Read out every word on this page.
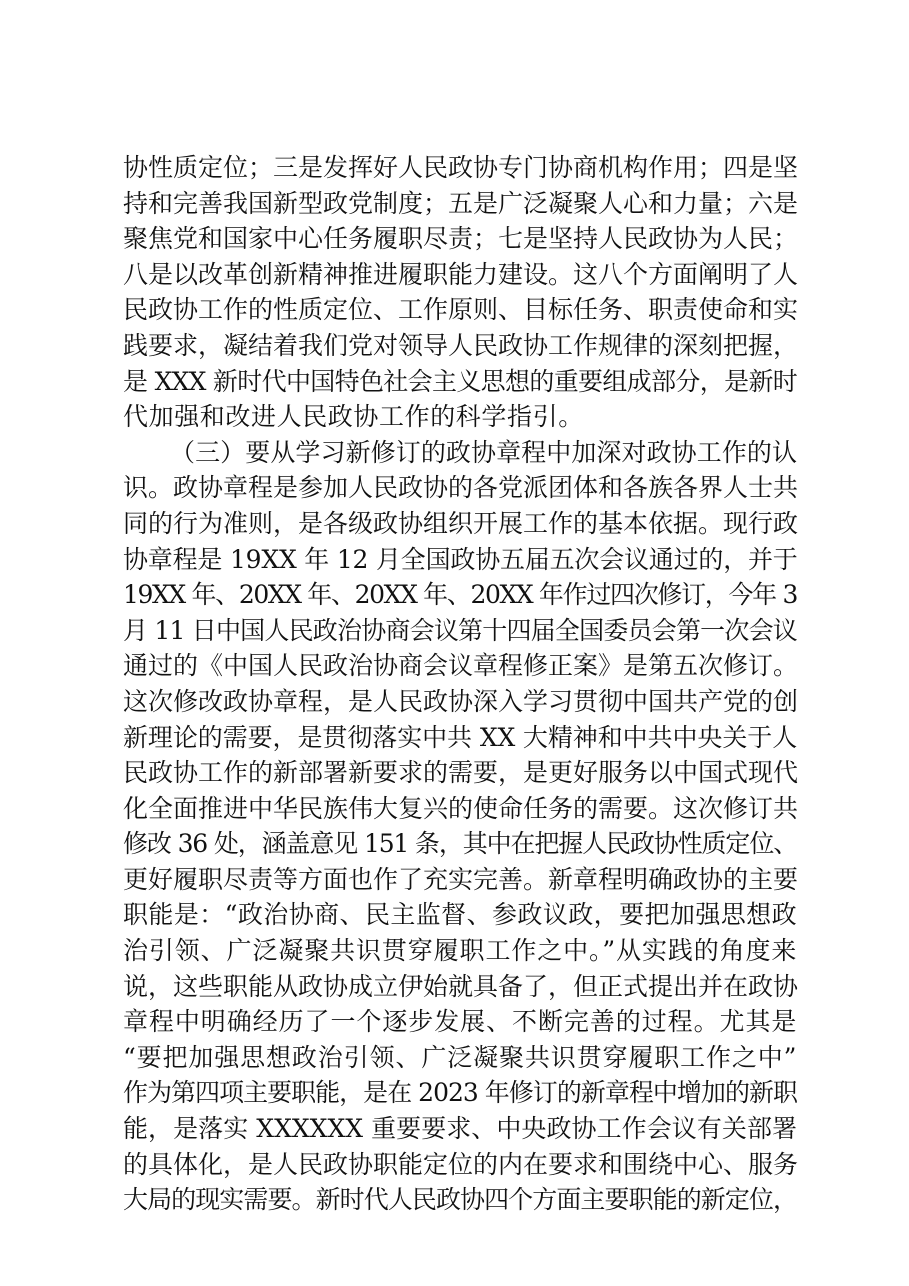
协性质定位；三是发挥好人民政协专门协商机构作用；四是坚
持和完善我国新型政党制度；五是广泛凝聚人心和力量；六是
聚焦党和国家中心任务履职尽责；七是坚持人民政协为人民；
八是以改革创新精神推进履职能力建设。这八个方面阐明了人
民政协工作的性质定位、工作原则、目标任务、职责使命和实
践要求，凝结着我们党对领导人民政协工作规律的深刻把握，
是 XXX 新时代中国特色社会主义思想的重要组成部分，是新时
代加强和改进人民政协工作的科学指引。
（三）要从学习新修订的政协章程中加深对政协工作的认
识。政协章程是参加人民政协的各党派团体和各族各界人士共
同的行为准则，是各级政协组织开展工作的基本依据。现行政
协章程是 19XX 年 12 月全国政协五届五次会议通过的，并于
19XX 年、20XX 年、20XX 年、20XX 年作过四次修订，今年 3
月 11 日中国人民政治协商会议第十四届全国委员会第一次会议
通过的《中国人民政治协商会议章程修正案》是第五次修订。
这次修改政协章程，是人民政协深入学习贯彻中国共产党的创
新理论的需要，是贯彻落实中共 XX 大精神和中共中央关于人
民政协工作的新部署新要求的需要，是更好服务以中国式现代
化全面推进中华民族伟大复兴的使命任务的需要。这次修订共
修改 36 处，涵盖意见 151 条，其中在把握人民政协性质定位、
更好履职尽责等方面也作了充实完善。新章程明确政协的主要
职能是：“政治协商、民主监督、参政议政，要把加强思想政
治引领、广泛凝聚共识贯穿履职工作之中。”从实践的角度来
说，这些职能从政协成立伊始就具备了，但正式提出并在政协
章程中明确经历了一个逐步发展、不断完善的过程。尤其是
“要把加强思想政治引领、广泛凝聚共识贯穿履职工作之中”
作为第四项主要职能，是在 2023 年修订的新章程中增加的新职
能，是落实 XXXXXX 重要要求、中央政协工作会议有关部署
的具体化，是人民政协职能定位的内在要求和围绕中心、服务
大局的现实需要。新时代人民政协四个方面主要职能的新定位，
